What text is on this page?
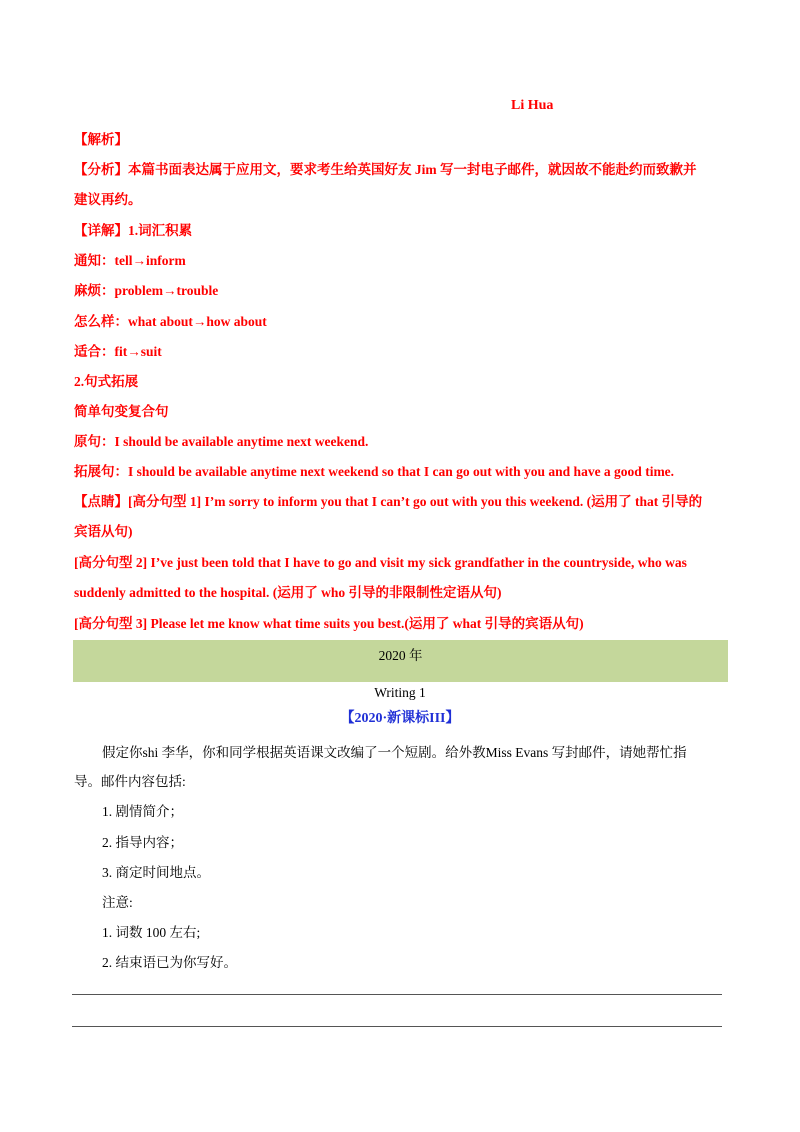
Li Hua
【解析】
【分析】本篇书面表达属于应用文，要求考生给英国好友 Jim 写一封电子邮件，就因故不能赴约而致歉并
建议再约。
【详解】1.词汇积累
通知：tell→inform
麻烦：problem→trouble
怎么样：what about→how about
适合：fit→suit
2.句式拓展
简单句变复合句
原句：I should be available anytime next weekend.
拓展句：I should be available anytime next weekend so that I can go out with you and have a good time.
【点睛】[高分句型 1] I’m sorry to inform you that I can’t go out with you this weekend. (运用了 that 引导的
宾语从句)
[高分句型 2] I’ve just been told that I have to go and visit my sick grandfather in the countryside, who was
suddenly admitted to the hospital. (运用了 who 引导的非限制性定语从句)
[高分句型 3] Please let me know what time suits you best.(运用了 what 引导的宾语从句)
2020 年
Writing 1
【2020·新课标III】
假定你shi 李华，你和同学根据英语课文改编了一个短剧。给外教Miss Evans 写封邮件，请她帮忙指
导。邮件内容包括:
1. 剧情简介；
2. 指导内容；
3. 商定时间地点。
注意:
1. 词数 100 左右;
2. 结束语已为你写好。
